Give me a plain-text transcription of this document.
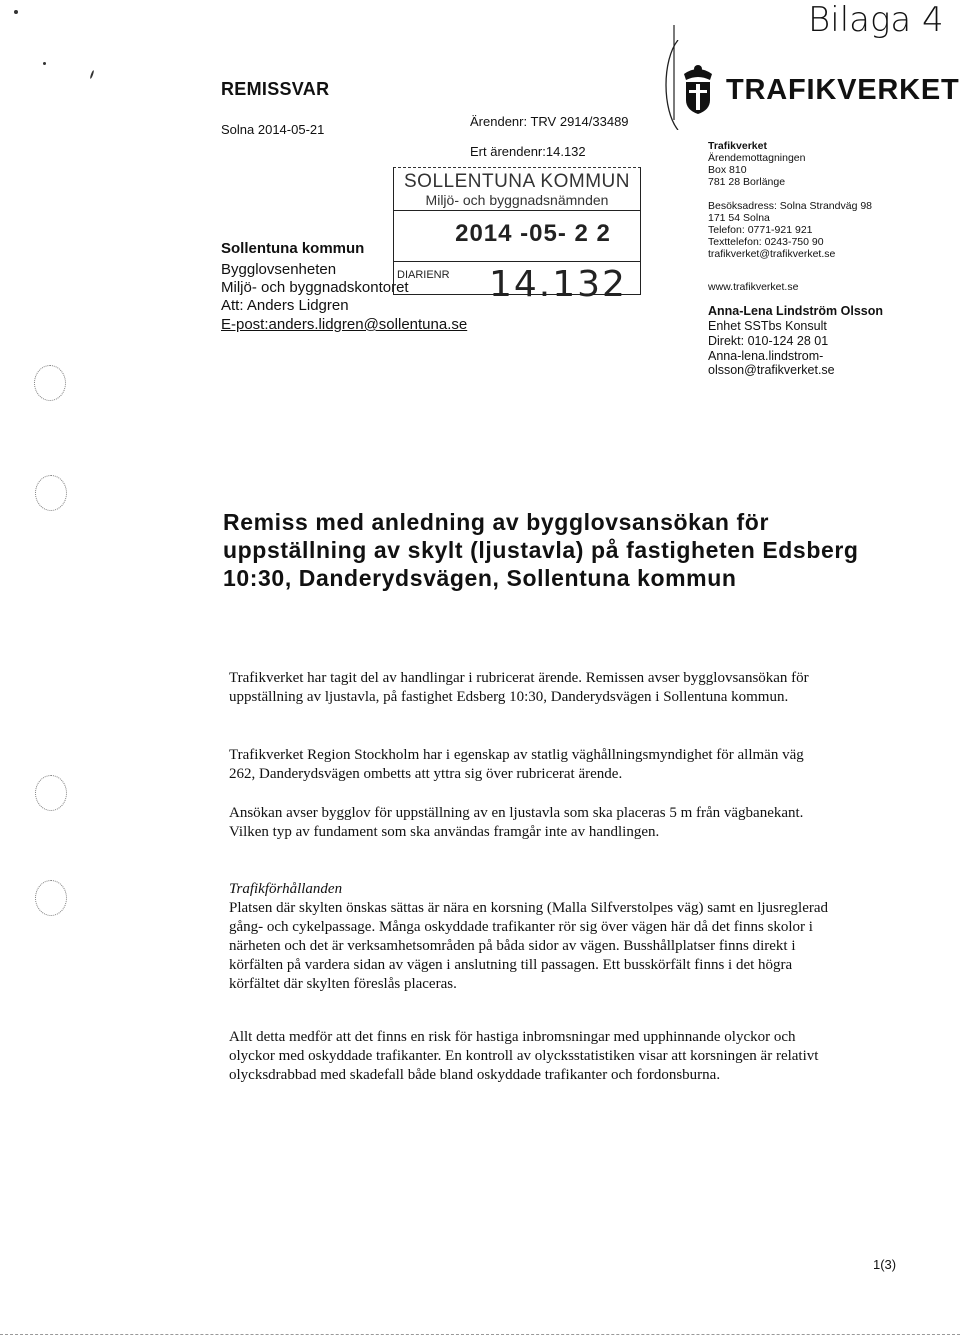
Bilaga 4
REMISSVAR
Solna 2014-05-21
Ärendenr: TRV 2914/33489
Ert ärendenr:14.132
Sollentuna kommun
Bygglovsenheten
Miljö- och byggnadskontoret
Att: Anders Lidgren
E-post:anders.lidgren@sollentuna.se
SOLLENTUNA KOMMUN
Miljö- och byggnadsnämnden
2014 -05- 2 2
DIARIENR 14.132
TRAFIKVERKET
Trafikverket
Ärendemottagningen
Box 810
781 28 Borlänge
Besöksadress: Solna Strandväg 98
171 54 Solna
Telefon: 0771-921 921
Texttelefon: 0243-750 90
trafikverket@trafikverket.se
www.trafikverket.se
Anna-Lena Lindström Olsson
Enhet SSTbs Konsult
Direkt: 010-124 28 01
Anna-lena.lindstrom-
olsson@trafikverket.se
Remiss med anledning av bygglovsansökan för uppställning av skylt (ljustavla) på fastigheten Edsberg 10:30, Danderydsvägen, Sollentuna kommun
Trafikverket har tagit del av handlingar i rubricerat ärende. Remissen avser bygglovsansökan för uppställning av ljustavla, på fastighet Edsberg 10:30, Danderydsvägen i Sollentuna kommun.
Trafikverket Region Stockholm har i egenskap av statlig väghållningsmyndighet för allmän väg 262, Danderydsvägen ombetts att yttra sig över rubricerat ärende.
Ansökan avser bygglov för uppställning av en ljustavla som ska placeras 5 m från vägbanekant. Vilken typ av fundament som ska användas framgår inte av handlingen.
Trafikförhållanden
Platsen där skylten önskas sättas är nära en korsning (Malla Silfverstolpes väg) samt en ljusreglerad gång- och cykelpassage. Många oskyddade trafikanter rör sig över vägen här då det finns skolor i närheten och det är verksamhetsområden på båda sidor av vägen. Busshållplatser finns direkt i körfälten på vardera sidan av vägen i anslutning till passagen. Ett busskörfält finns i det högra körfältet där skylten föreslås placeras.
Allt detta medför att det finns en risk för hastiga inbromsningar med upphinnande olyckor och olyckor med oskyddade trafikanter. En kontroll av olycksstatistiken visar att korsningen är relativt olycksdrabbad med skadefall både bland oskyddade trafikanter och fordonsburna.
1(3)
